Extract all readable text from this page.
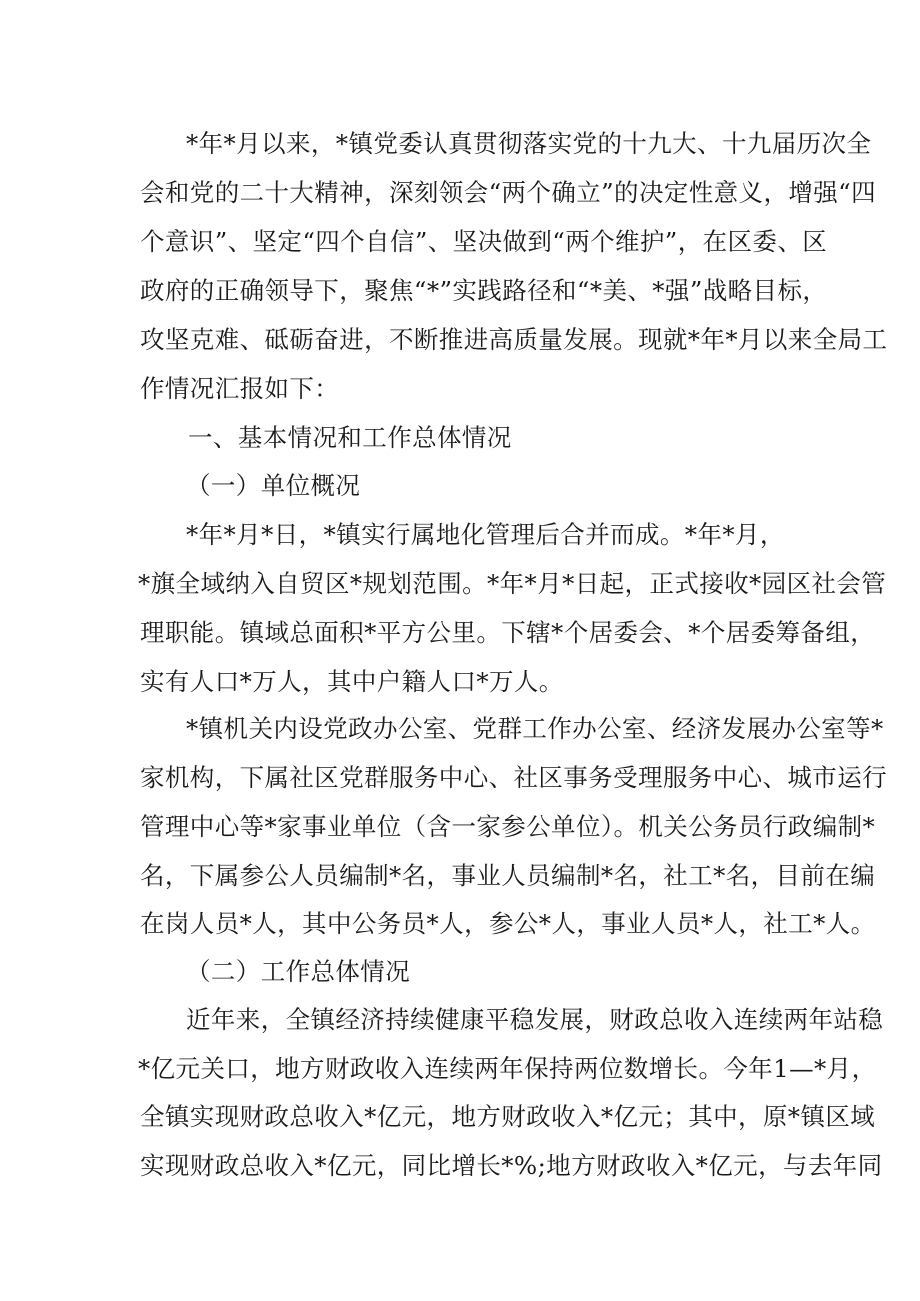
*年*月以来，*镇党委认真贯彻落实党的十九大、十九届历次全
会和党的二十大精神，深刻领会“两个确立”的决定性意义，增强“四
个意识”、坚定“四个自信”、坚决做到“两个维护”，在区委、区
政府的正确领导下，聚焦“*”实践路径和“*美、*强”战略目标，
攻坚克难、砥砺奋进，不断推进高质量发展。现就*年*月以来全局工
作情况汇报如下：
一、基本情况和工作总体情况
（一）单位概况
*年*月*日，*镇实行属地化管理后合并而成。*年*月，
*旗全域纳入自贸区*规划范围。*年*月*日起，正式接收*园区社会管
理职能。镇域总面积*平方公里。下辖*个居委会、*个居委筹备组，
实有人口*万人，其中户籍人口*万人。
*镇机关内设党政办公室、党群工作办公室、经济发展办公室等*
家机构，下属社区党群服务中心、社区事务受理服务中心、城市运行
管理中心等*家事业单位（含一家参公单位）。机关公务员行政编制*
名，下属参公人员编制*名，事业人员编制*名，社工*名，目前在编
在岗人员*人，其中公务员*人，参公*人，事业人员*人，社工*人。
（二）工作总体情况
近年来，全镇经济持续健康平稳发展，财政总收入连续两年站稳
*亿元关口，地方财政收入连续两年保持两位数增长。今年1—*月，
全镇实现财政总收入*亿元，地方财政收入*亿元；其中，原*镇区域
实现财政总收入*亿元，同比增长*%;地方财政收入*亿元，与去年同
